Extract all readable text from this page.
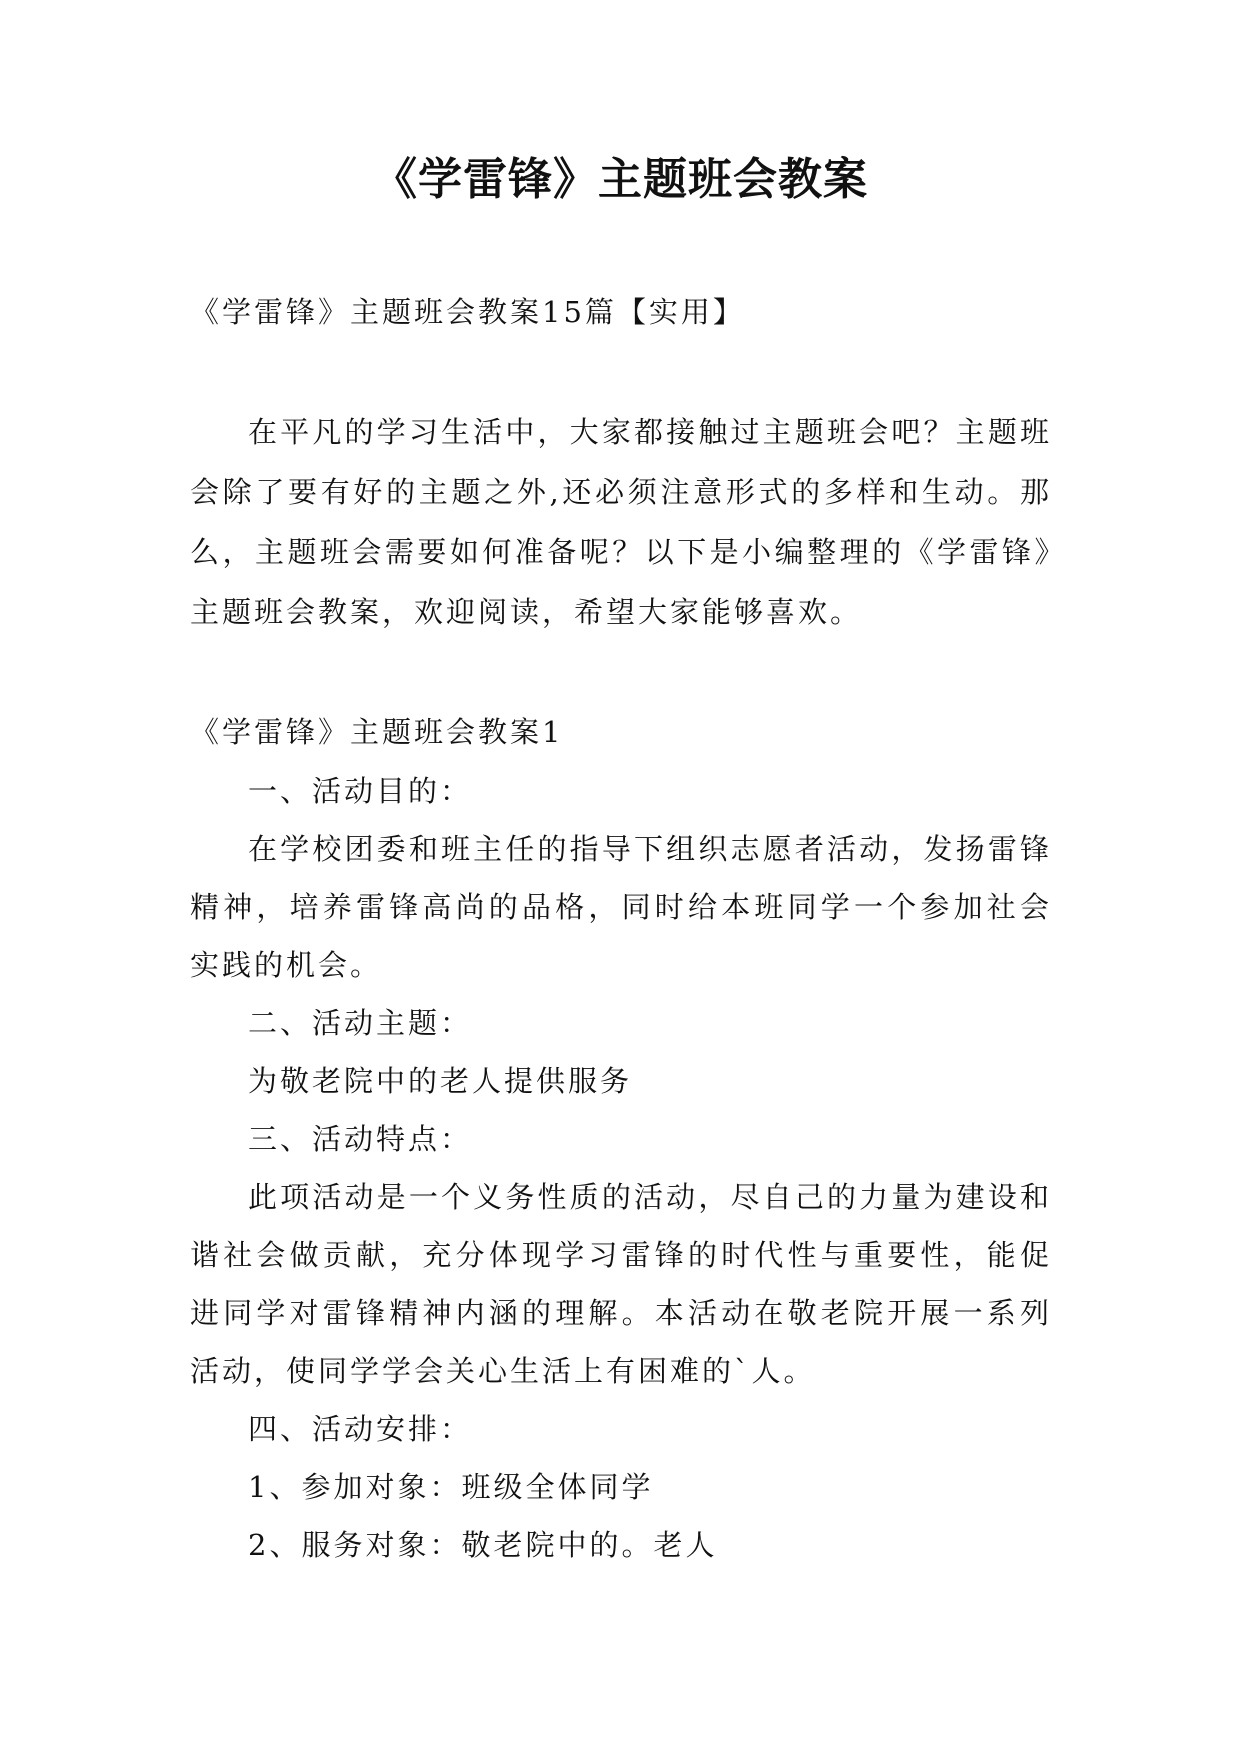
《学雷锋》主题班会教案
《学雷锋》主题班会教案15篇【实用】
在平凡的学习生活中，大家都接触过主题班会吧？主题班会除了要有好的主题之外,还必须注意形式的多样和生动。那么，主题班会需要如何准备呢？以下是小编整理的《学雷锋》主题班会教案，欢迎阅读，希望大家能够喜欢。
《学雷锋》主题班会教案1
一、活动目的：
在学校团委和班主任的指导下组织志愿者活动，发扬雷锋精神，培养雷锋高尚的品格，同时给本班同学一个参加社会实践的机会。
二、活动主题：
为敬老院中的老人提供服务
三、活动特点：
此项活动是一个义务性质的活动，尽自己的力量为建设和谐社会做贡献，充分体现学习雷锋的时代性与重要性，能促进同学对雷锋精神内涵的理解。本活动在敬老院开展一系列活动，使同学学会关心生活上有困难的`人。
四、活动安排：
1、参加对象：班级全体同学
2、服务对象：敬老院中的。老人
